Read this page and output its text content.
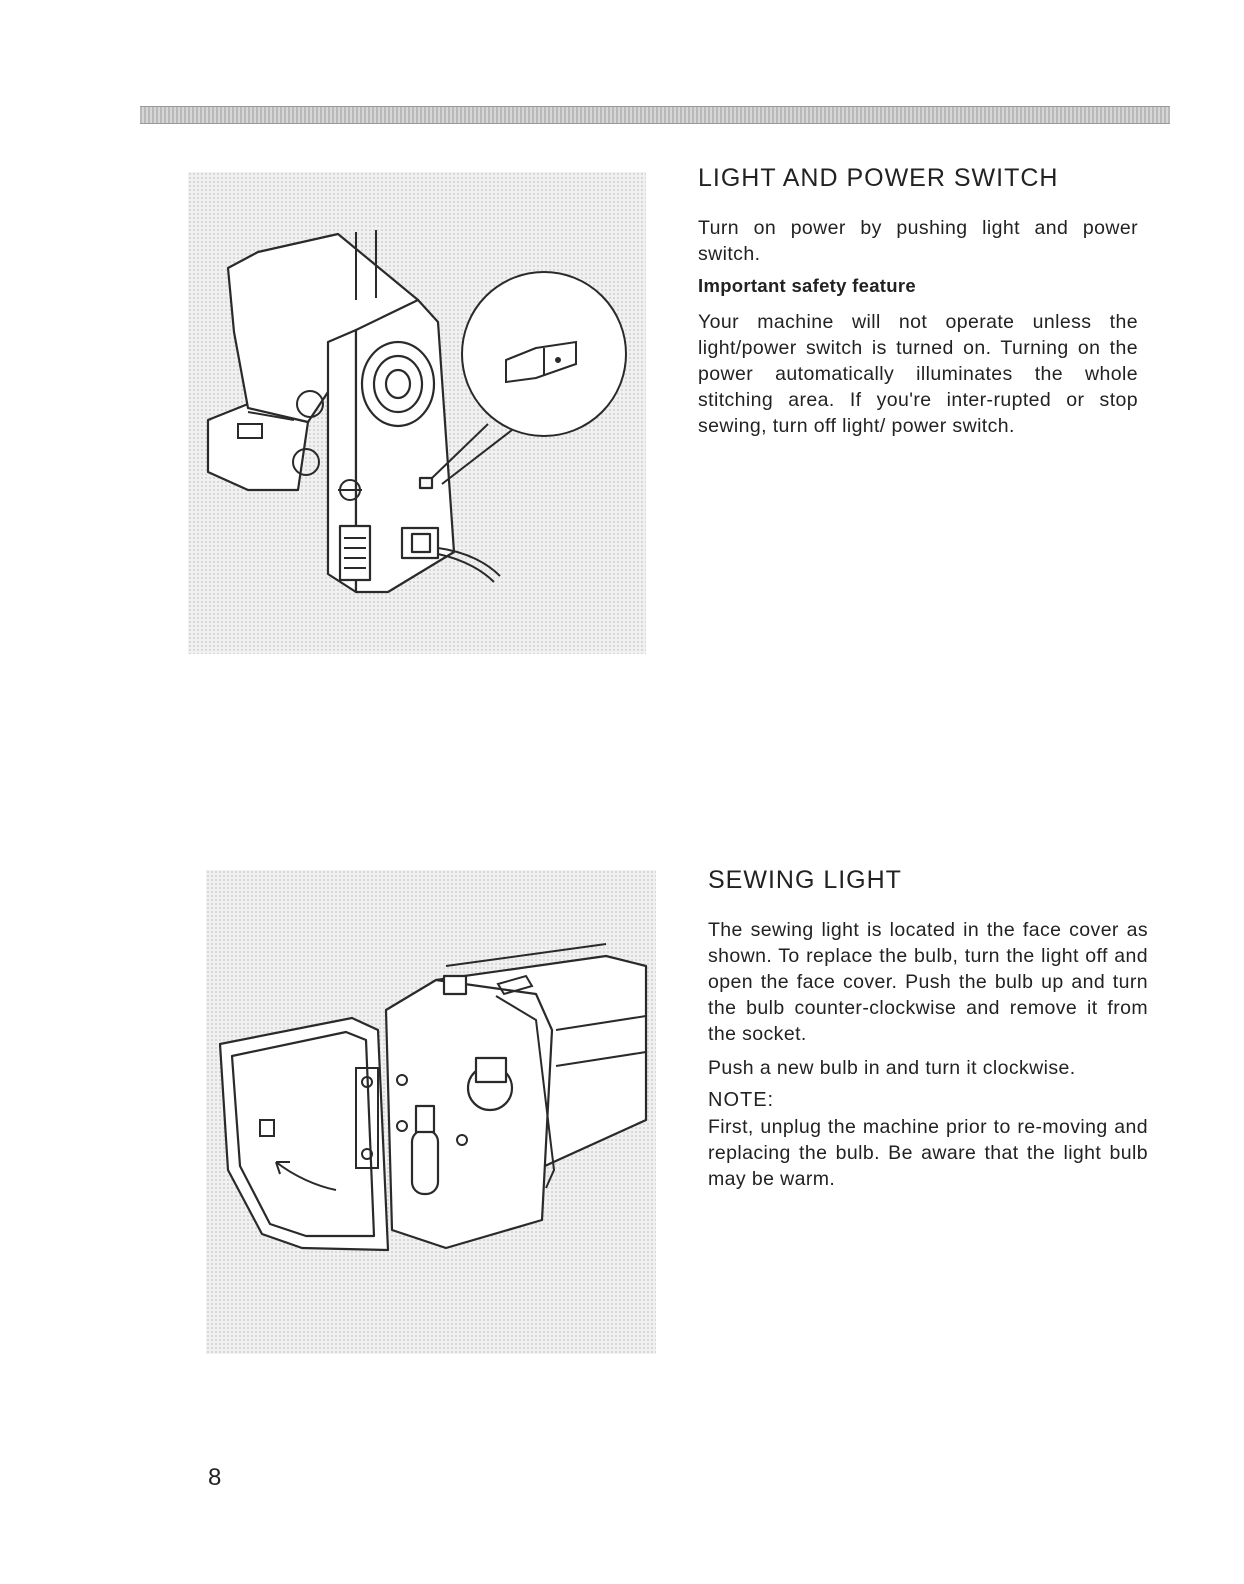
LIGHT AND POWER SWITCH

Turn on power by pushing light and power switch.

Important safety feature

Your machine will not operate unless the light/power switch is turned on. Turning on the power automatically illuminates the whole stitching area. If you're inter-rupted or stop sewing, turn off light/ power switch.

SEWING LIGHT

The sewing light is located in the face cover as shown. To replace the bulb, turn the light off and open the face cover. Push the bulb up and turn the bulb counter-clockwise and remove it from the socket.

Push a new bulb in and turn it clockwise.

NOTE:

First, unplug the machine prior to re-moving and replacing the bulb. Be aware that the light bulb may be warm.

8
